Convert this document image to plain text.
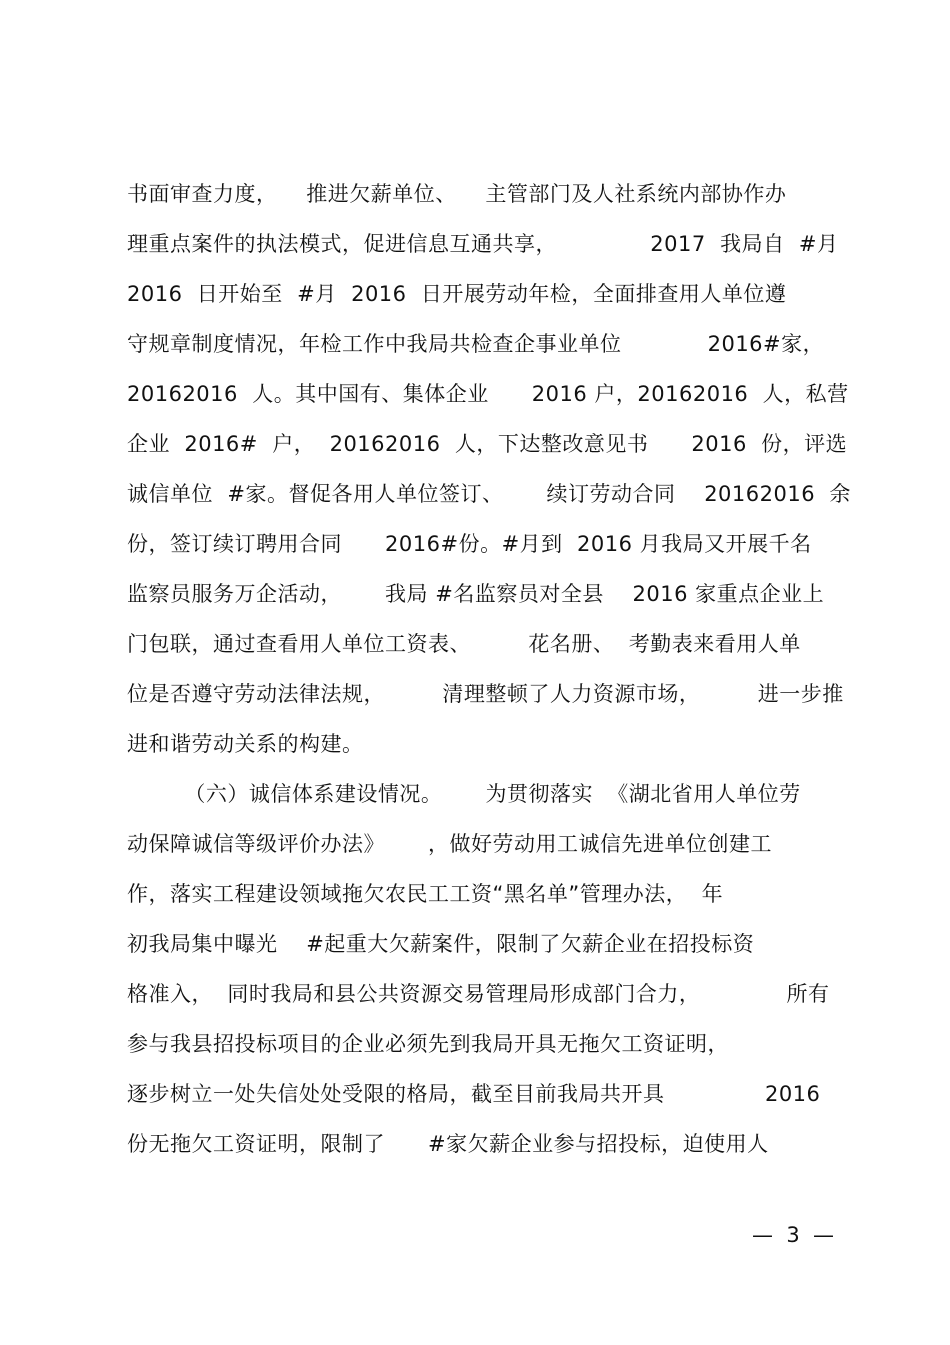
书面审查力度，    推进欠薪单位、    主管部门及人社系统内部协作办
理重点案件的执法模式，促进信息互通共享，             2017  我局自  #月
2016  日开始至  #月  2016  日开展劳动年检，全面排查用人单位遵
守规章制度情况，年检工作中我局共检查企事业单位            2016#家，
20162016  人。其中国有、集体企业      2016 户，20162016  人，私营
企业  2016#  户，  20162016  人，下达整改意见书      2016  份，评选
诚信单位  #家。督促各用人单位签订、      续订劳动合同    20162016  余
份，签订续订聘用合同      2016#份。#月到  2016 月我局又开展千名
监察员服务万企活动，      我局 #名监察员对全县    2016 家重点企业上
门包联，通过查看用人单位工资表、        花名册、  考勤表来看用人单
位是否遵守劳动法律法规，        清理整顿了人力资源市场，        进一步推
进和谐劳动关系的构建。
（六）诚信体系建设情况。      为贯彻落实  《湖北省用人单位劳
动保障诚信等级评价办法》      ，做好劳动用工诚信先进单位创建工
作，落实工程建设领域拖欠农民工工资“黑名单”管理办法，  年
初我局集中曝光    #起重大欠薪案件，限制了欠薪企业在招投标资
格准入，  同时我局和县公共资源交易管理局形成部门合力，            所有
参与我县招投标项目的企业必须先到我局开具无拖欠工资证明，
逐步树立一处失信处处受限的格局，截至目前我局共开具              2016
份无拖欠工资证明，限制了      #家欠薪企业参与招投标，迫使用人
—  3  —
